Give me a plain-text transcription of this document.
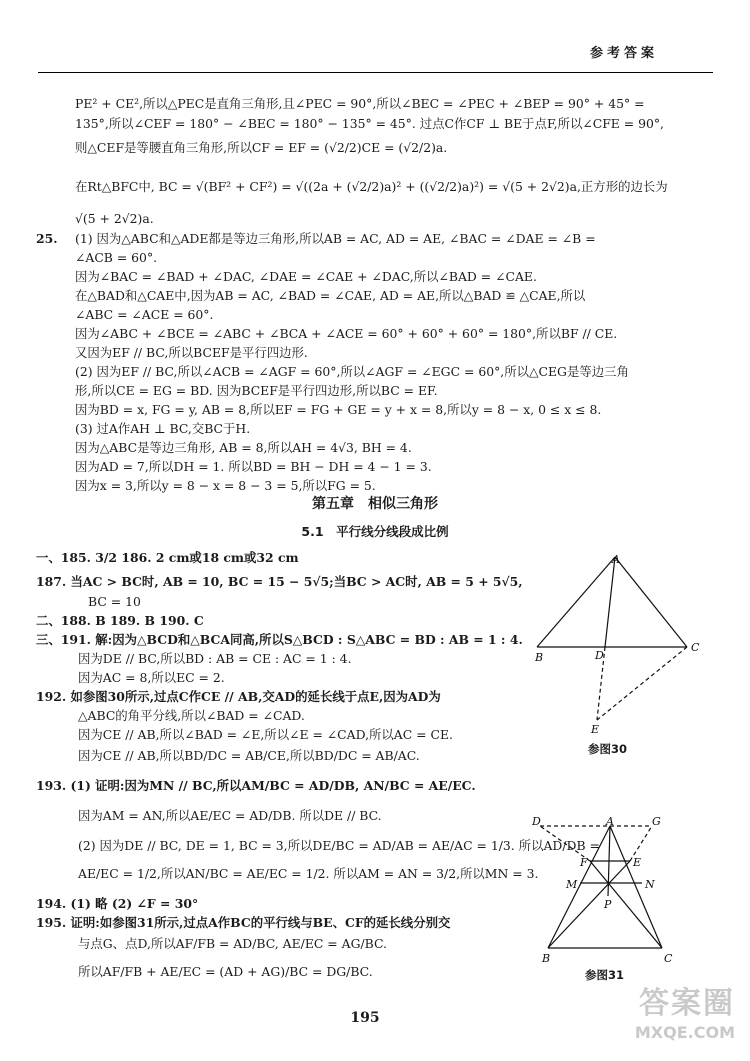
参考答案
PE² + CE²,所以△PEC是直角三角形,且∠PEC = 90°,所以∠BEC = ∠PEC + ∠BEP = 90° + 45° =
135°,所以∠CEF = 180° − ∠BEC = 180° − 135° = 45°. 过点C作CF ⊥ BE于点F,所以∠CFE = 90°,
则△CEF是等腰直角三角形,所以CF = EF = (√2/2)CE = (√2/2)a.
在Rt△BFC中, BC = √(BF² + CF²) = √((2a + (√2/2)a)² + ((√2/2)a)²) = √(5 + 2√2)a,正方形的边长为
√(5 + 2√2)a.
25. (1) 因为△ABC和△ADE都是等边三角形,所以AB = AC, AD = AE, ∠BAC = ∠DAE = ∠B =
∠ACB = 60°.
因为∠BAC = ∠BAD + ∠DAC, ∠DAE = ∠CAE + ∠DAC,所以∠BAD = ∠CAE.
在△BAD和△CAE中,因为AB = AC, ∠BAD = ∠CAE, AD = AE,所以△BAD ≌ △CAE,所以
∠ABC = ∠ACE = 60°.
因为∠ABC + ∠BCE = ∠ABC + ∠BCA + ∠ACE = 60° + 60° + 60° = 180°,所以BF // CE.
又因为EF // BC,所以BCEF是平行四边形.
(2) 因为EF // BC,所以∠ACB = ∠AGF = 60°,所以∠AGF = ∠EGC = 60°,所以△CEG是等边三角
形,所以CE = EG = BD. 因为BCEF是平行四边形,所以BC = EF.
因为BD = x, FG = y, AB = 8,所以EF = FG + GE = y + x = 8,所以y = 8 − x, 0 ≤ x ≤ 8.
(3) 过A作AH ⊥ BC,交BC于H.
因为△ABC是等边三角形, AB = 8,所以AH = 4√3, BH = 4.
因为AD = 7,所以DH = 1. 所以BD = BH − DH = 4 − 1 = 3.
因为x = 3,所以y = 8 − x = 8 − 3 = 5,所以FG = 5.
第五章　相似三角形
5.1　平行线分线段成比例
一、185. 3/2 186. 2 cm或18 cm或32 cm
187. 当AC > BC时, AB = 10, BC = 15 − 5√5;当BC > AC时, AB = 5 + 5√5,
BC = 10
二、188. B 189. B 190. C
三、191. 解:因为△BCD和△BCA同高,所以S△BCD : S△ABC = BD : AB = 1 : 4.
因为DE // BC,所以BD : AB = CE : AC = 1 : 4.
因为AC = 8,所以EC = 2.
192. 如参图30所示,过点C作CE // AB,交AD的延长线于点E,因为AD为
△ABC的角平分线,所以∠BAD = ∠CAD.
因为CE // AB,所以∠BAD = ∠E,所以∠E = ∠CAD,所以AC = CE.
因为CE // AB,所以BD/DC = AB/CE,所以BD/DC = AB/AC.
193. (1) 证明:因为MN // BC,所以AM/BC = AD/DB, AN/BC = AE/EC.
因为AM = AN,所以AE/EC = AD/DB. 所以DE // BC.
(2) 因为DE // BC, DE = 1, BC = 3,所以DE/BC = AD/AB = AE/AC = 1/3. 所以AD/DB =
AE/EC = 1/2,所以AN/BC = AE/EC = 1/2. 所以AM = AN = 3/2,所以MN = 3.
194. (1) 略 (2) ∠F = 30°
195. 证明:如参图31所示,过点A作BC的平行线与BE、CF的延长线分别交
与点G、点D,所以AF/FB = AD/BC, AE/EC = AG/BC.
所以AF/FB + AE/EC = (AD + AG)/BC = DG/BC.
A
B
C
D
E
参图30
D	A	G
F	E
M	N
P
B	C
参图31
195	答案圈
MXQE.COM
